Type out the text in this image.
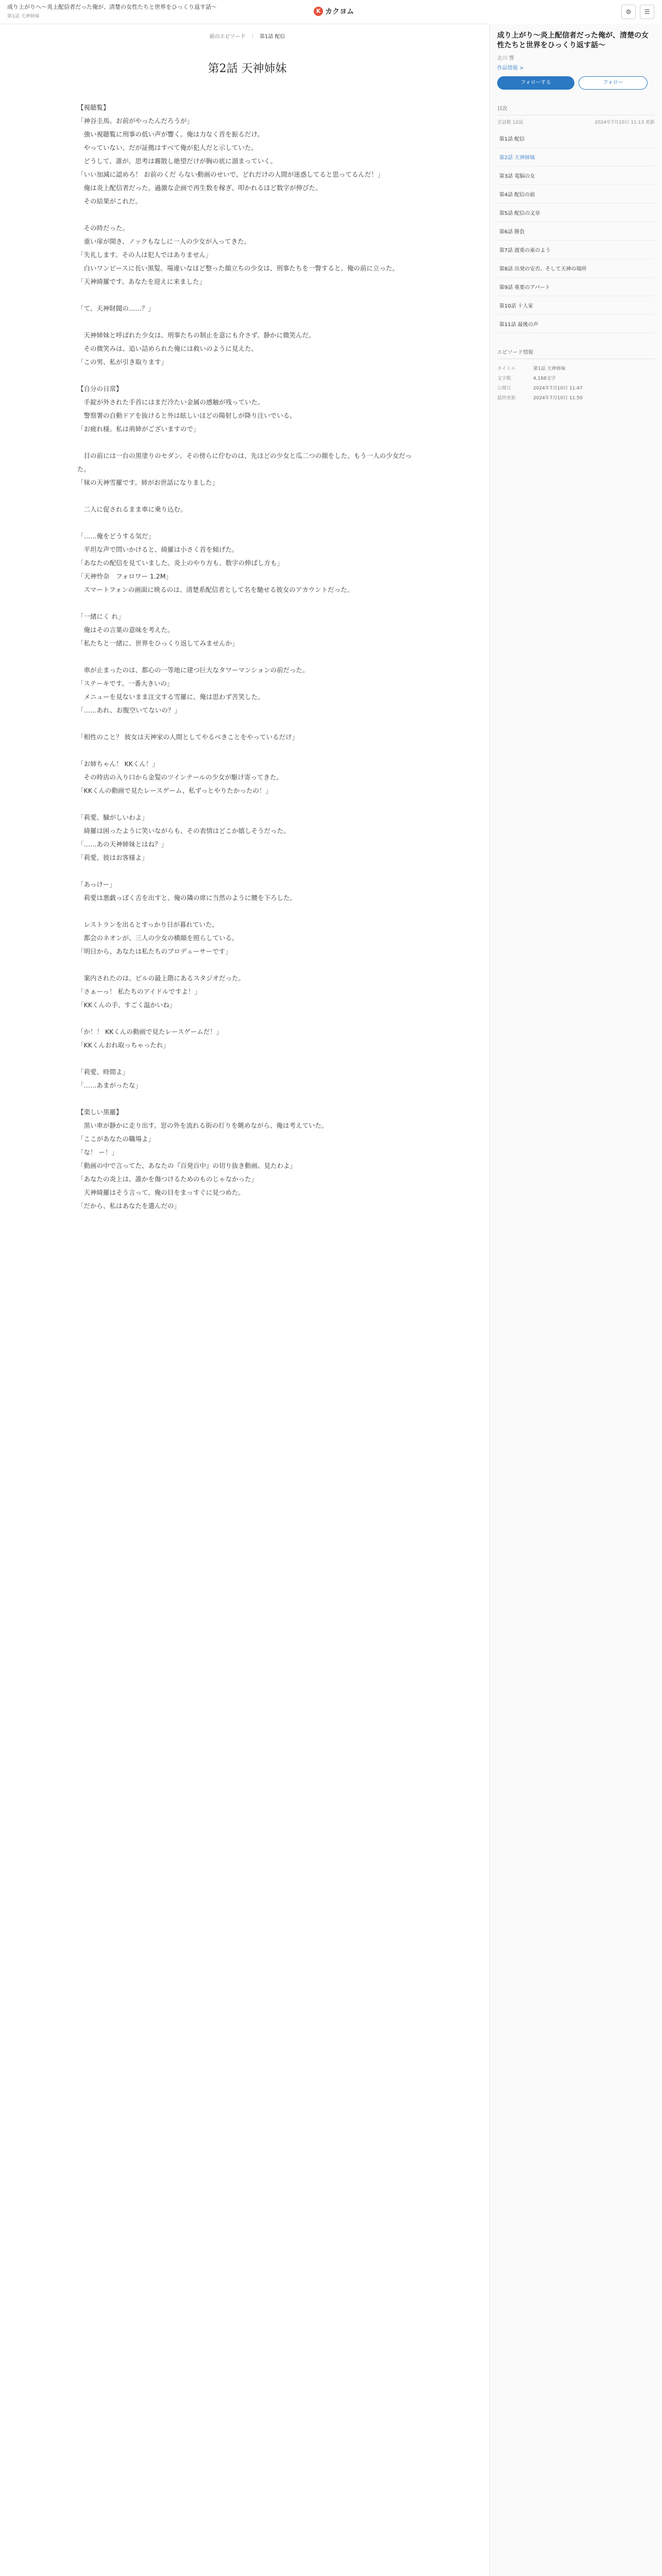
成り上がりへ〜炎上配信者だった俺が、清楚の女性たちと世界をひっくり返す話〜
第1話 天神姉妹
K カクヨム	⚙	☰
前のエピソード | 第1話 配信
第2話 天神姉妹

【視聴覧】

「神谷圭馬。お前がやったんだろうが」

　強い視聴覧に刑事の低い声が響く。俺は力なく首を振るだけ。

　やっていない、だが証拠はすべて俺が犯人だと示していた。

　どうして、誰が。思考は霧散し絶望だけが胸の底に溜まっていく。

「いい加減に認めろ！ お前のくだ らない動画のせいで、どれだけの人間が迷惑してると思ってるんだ！」

　俺は炎上配信者だった。過激な企画で再生数を稼ぎ、叩かれるほど数字が伸びた。

　その結果がこれだ。

　その時だった。

　重い扉が開き、ノックもなしに一人の少女が入ってきた。

「失礼します。その人は犯人ではありません」

　白いワンピースに長い黒髪。場違いなほど整った顔立ちの少女は、刑事たちを一瞥すると、俺の前に立った。

「天神綺羅です。あなたを迎えに来ました」

「て、天神財閥の……？」

　天神姉妹と呼ばれた少女は、刑事たちの制止を意にも介さず、静かに微笑んだ。

　その微笑みは、追い詰められた俺には救いのように見えた。

「この男、私が引き取ります」

【自分の日常】

　手錠が外された手首にはまだ冷たい金属の感触が残っていた。

　警察署の自動ドアを抜けると外は眩しいほどの陽射しが降り注いでいる。

「お疲れ様。私は荊姉がございますので」

　目の前には一台の黒塗りのセダン。その傍らに佇むのは、先ほどの少女と瓜二つの顔をした、もう一人の少女だった。

「妹の天神雪羅です。姉がお世話になりました」

　二人に促されるまま車に乗り込む。

「……俺をどうする気だ」

　平坦な声で問いかけると、綺羅は小さく首を傾げた。

「あなたの配信を見ていました。炎上のやり方も、数字の伸ばし方も」

「天神怜奈　フォロワー 1.2M」

　スマートフォンの画面に映るのは、清楚系配信者として名を馳せる彼女のアカウントだった。

「一緒にく れ」

　俺はその言葉の意味を考えた。

「私たちと一緒に、世界をひっくり返してみませんか」

　車が止まったのは、都心の一等地に建つ巨大なタワーマンションの前だった。

「ステーキです。一番大きいの」

　メニューを見ないまま注文する雪羅に、俺は思わず苦笑した。

「……あれ、お腹空いてないの？」

「相性のこと？ 彼女は天神家の人間としてやるべきことをやっているだけ」

「お姉ちゃん！ KKくん！」

　その時店の入り口から金髪のツインテールの少女が駆け寄ってきた。

「KKくんの動画で見たレースゲーム、私ずっとやりたかったの！」

「莉愛、騒がしいわよ」

　綺羅は困ったように笑いながらも、その表情はどこか嬉しそうだった。

「……あの天神姉妹とはね？」

「莉愛、彼はお客様よ」

「あっけー」

　莉愛は悪戯っぽく舌を出すと、俺の隣の席に当然のように腰を下ろした。

　レストランを出るとすっかり日が暮れていた。

　都会のネオンが、三人の少女の横顔を照らしている。

「明日から、あなたは私たちのプロデューサーです」

　案内されたのは、ビルの最上階にあるスタジオだった。

「さぁーっ！ 私たちのアイドルですよ！」

「KKくんの手、すごく温かいね」

「か！！ KKくんの動画で見たレースゲームだ！」

「KKくんおれ取っちゃったれ」

「莉愛、時間よ」

「……あまがったな」

【楽しい黒羅】

　黒い車が静かに走り出す。窓の外を流れる街の灯りを眺めながら、俺は考えていた。

「ここがあなたの職場よ」

「な！ ー！」

「動画の中で言ってた、あなたの『百発百中』の切り抜き動画、見たわよ」

「あなたの炎上は、誰かを傷つけるためのものじゃなかった」

　天神綺羅はそう言って、俺の目をまっすぐに見つめた。

「だから、私はあなたを選んだの」

成り上がり〜炎上配信者だった俺が、清楚の女性たちと世界をひっくり返す話〜
北川 響
作品情報 >
フォローする	フォロー
目次
全話数 12話	2024年7月10日 11:13 更新
第1話 配信
第2話 天神姉妹
第3話 電脳の女
第4話 配信の前
第5話 配信の文章
第6話 勝負
第7話 渡重の東のよう
第8話 出発の安否、そして天神の場所
第9話 重要のアパート
第10話 十人家
第11話 最後の声
エピソード情報
タイトル	第1話 天神姉妹
文字数	4,168文字
公開日	2024年7月10日 11:47
最終更新	2024年7月10日 11:50
